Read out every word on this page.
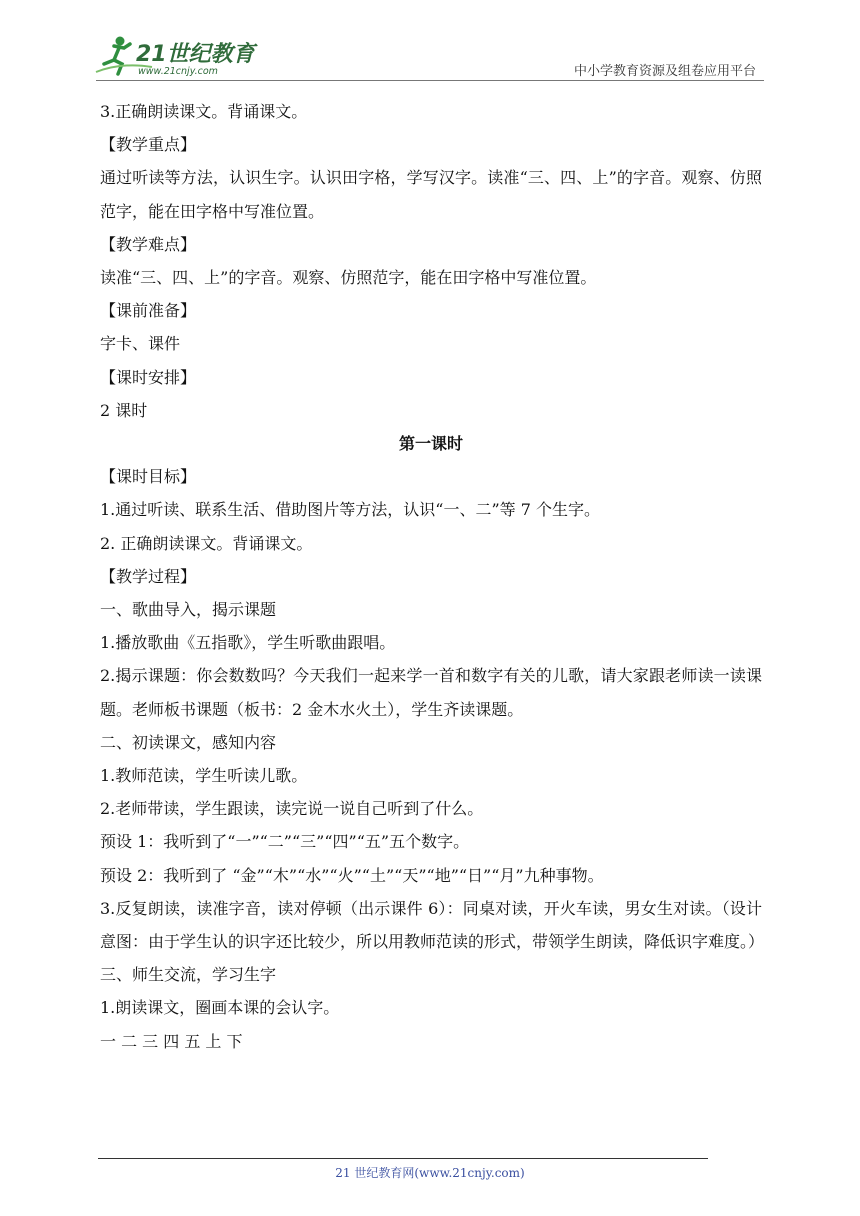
21世纪教育
www.21cnjy.com	中小学教育资源及组卷应用平台

3.正确朗读课文。背诵课文。

【教学重点】

通过听读等方法，认识生字。认识田字格，学写汉字。读准“三、四、上”的字音。观察、仿照范字，能在田字格中写准位置。

【教学难点】

读准“三、四、上”的字音。观察、仿照范字，能在田字格中写准位置。

【课前准备】

字卡、课件

【课时安排】

2 课时

第一课时

【课时目标】

1.通过听读、联系生活、借助图片等方法，认识“一、二”等 7 个生字。

2. 正确朗读课文。背诵课文。

【教学过程】

一、歌曲导入，揭示课题

1.播放歌曲《五指歌》，学生听歌曲跟唱。

2.揭示课题：你会数数吗？今天我们一起来学一首和数字有关的儿歌，请大家跟老师读一读课题。老师板书课题（板书：2 金木水火土），学生齐读课题。

二、初读课文，感知内容

1.教师范读，学生听读儿歌。

2.老师带读，学生跟读，读完说一说自己听到了什么。

预设 1：我听到了“一”“二”“三”“四”“五”五个数字。

预设 2：我听到了 “金”“木”“水”“火”“土”“天”“地”“日”“月”九种事物。

3.反复朗读，读准字音，读对停顿（出示课件 6）：同桌对读，开火车读，男女生对读。（设计意图：由于学生认的识字还比较少，所以用教师范读的形式，带领学生朗读，降低识字难度。）

三、师生交流，学习生字

1.朗读课文，圈画本课的会认字。

一 二 三 四 五 上 下

21 世纪教育网(www.21cnjy.com)
